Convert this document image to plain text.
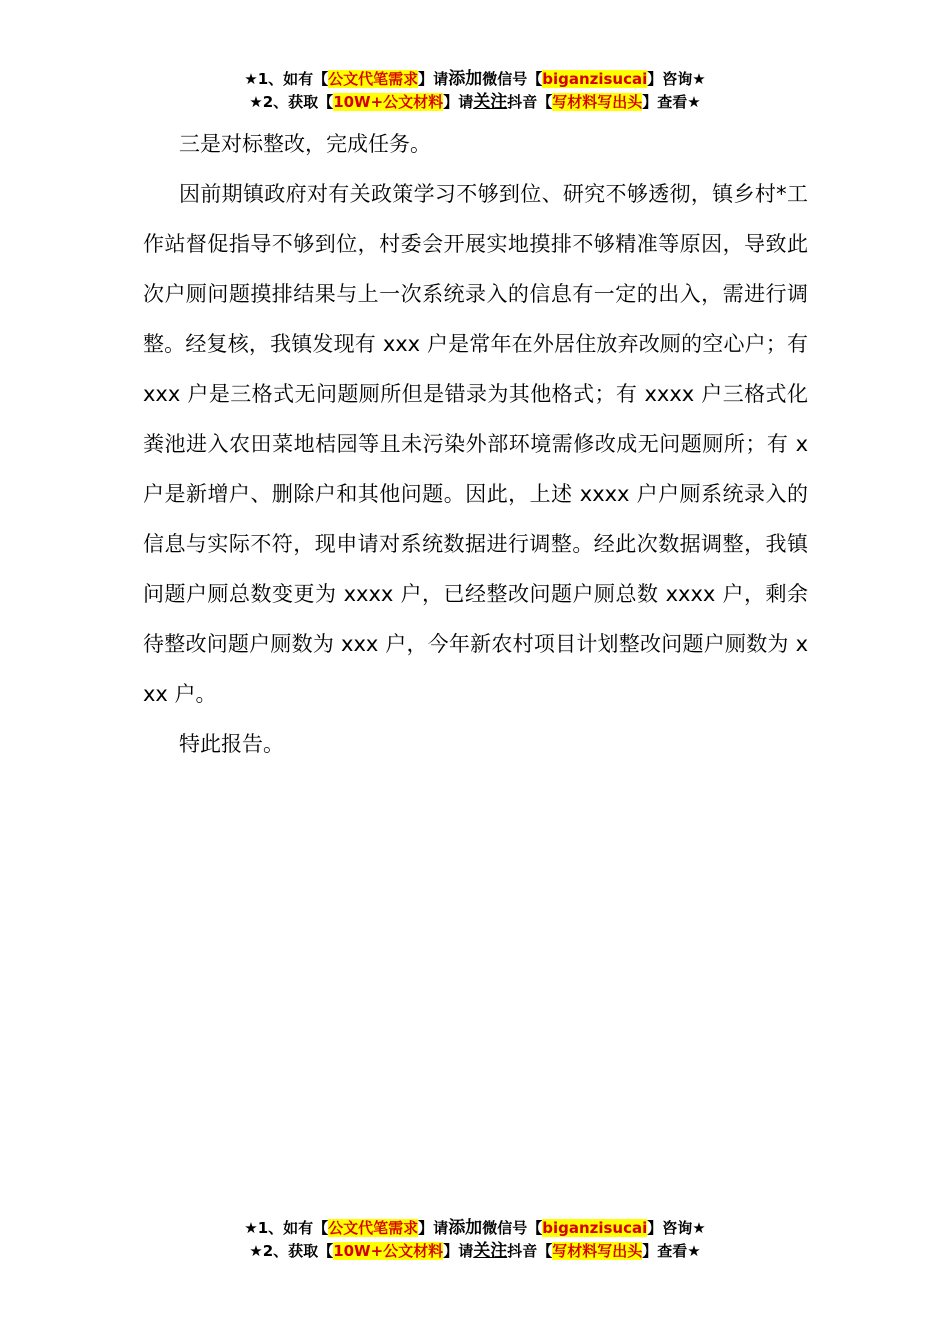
★1、如有【公文代笔需求】请添加微信号【biganzisucai】咨询★
★2、获取【10W+公文材料】请关注抖音【写材料写出头】查看★

三是对标整改，完成任务。

因前期镇政府对有关政策学习不够到位、研究不够透彻，镇乡村*工作站督促指导不够到位，村委会开展实地摸排不够精准等原因，导致此次户厕问题摸排结果与上一次系统录入的信息有一定的出入，需进行调整。经复核，我镇发现有 xxx 户是常年在外居住放弃改厕的空心户；有 xxx 户是三格式无问题厕所但是错录为其他格式；有 xxxx 户三格式化粪池进入农田菜地桔园等且未污染外部环境需修改成无问题厕所；有 x 户是新增户、删除户和其他问题。因此，上述 xxxx 户户厕系统录入的信息与实际不符，现申请对系统数据进行调整。经此次数据调整，我镇问题户厕总数变更为 xxxx 户，已经整改问题户厕总数 xxxx 户，剩余待整改问题户厕数为 xxx 户，今年新农村项目计划整改问题户厕数为 xxx 户。

特此报告。

★1、如有【公文代笔需求】请添加微信号【biganzisucai】咨询★
★2、获取【10W+公文材料】请关注抖音【写材料写出头】查看★
